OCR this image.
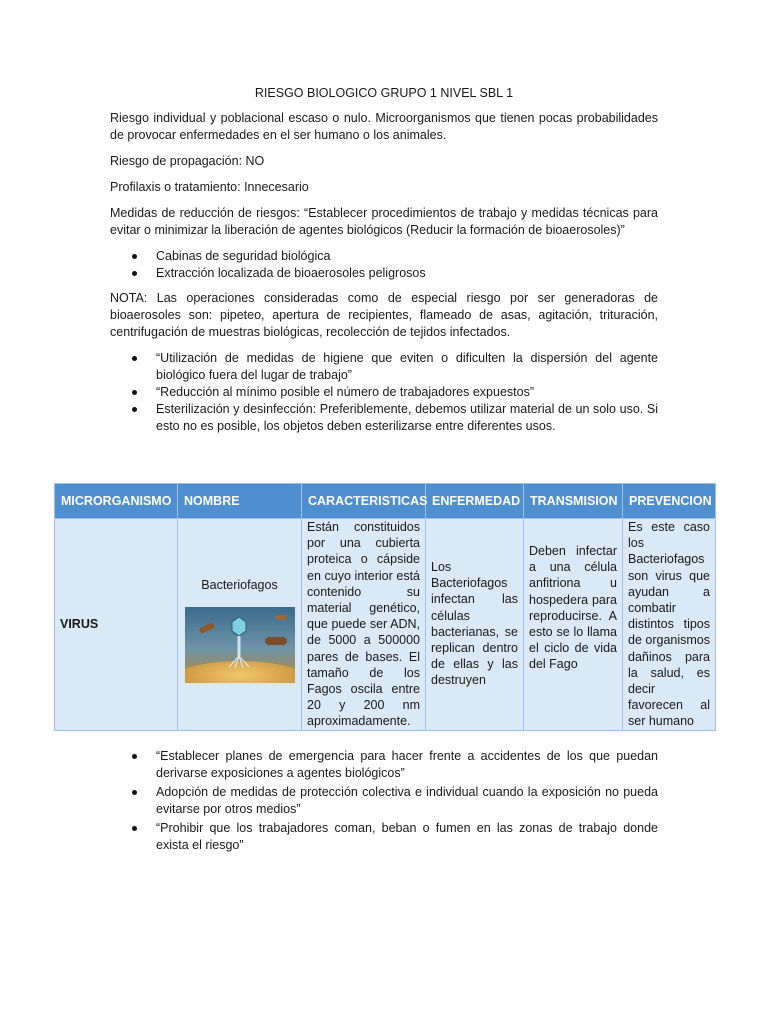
RIESGO BIOLOGICO GRUPO 1 NIVEL SBL 1

Riesgo individual y poblacional escaso o nulo. Microorganismos que tienen pocas probabilidades de provocar enfermedades en el ser humano o los animales.

Riesgo de propagación: NO

Profilaxis o tratamiento: Innecesario

Medidas de reducción de riesgos: “Establecer procedimientos de trabajo y medidas técnicas para evitar o minimizar la liberación de agentes biológicos (Reducir la formación de bioaerosoles)”

Cabinas de seguridad biológica
Extracción localizada de bioaerosoles peligrosos

NOTA: Las operaciones consideradas como de especial riesgo por ser generadoras de bioaerosoles son: pipeteo, apertura de recipientes, flameado de asas, agitación, trituración, centrifugación de muestras biológicas, recolección de tejidos infectados.

“Utilización de medidas de higiene que eviten o dificulten la dispersión del agente biológico fuera del lugar de trabajo”
“Reducción al mínimo posible el número de trabajadores expuestos”
Esterilización y desinfección: Preferiblemente, debemos utilizar material de un solo uso. Si esto no es posible, los objetos deben esterilizarse entre diferentes usos.
MICRORGANISMO	NOMBRE	CARACTERISTICAS	ENFERMEDAD	TRANSMISION	PREVENCION
VIRUS	Bacteriofagos	Están constituidos por una cubierta proteica o cápside en cuyo interior está contenido su material genético, que puede ser ADN, de 5000 a 500000 pares de bases. El tamaño de los Fagos oscila entre 20 y 200 nm aproximadamente.	Los Bacteriofagos infectan las células bacterianas, se replican dentro de ellas y las destruyen	Deben infectar a una célula anfitriona u hospedera para reproducirse. A esto se lo llama el ciclo de vida del Fago	Es este caso los Bacteriofagos son virus que ayudan a combatir distintos tipos de organismos dañinos para la salud, es decir favorecen al ser humano
“Establecer planes de emergencia para hacer frente a accidentes de los que puedan derivarse exposiciones a agentes biológicos”
Adopción de medidas de protección colectiva e individual cuando la exposición no pueda evitarse por otros medios”
“Prohibir que los trabajadores coman, beban o fumen en las zonas de trabajo donde exista el riesgo”
